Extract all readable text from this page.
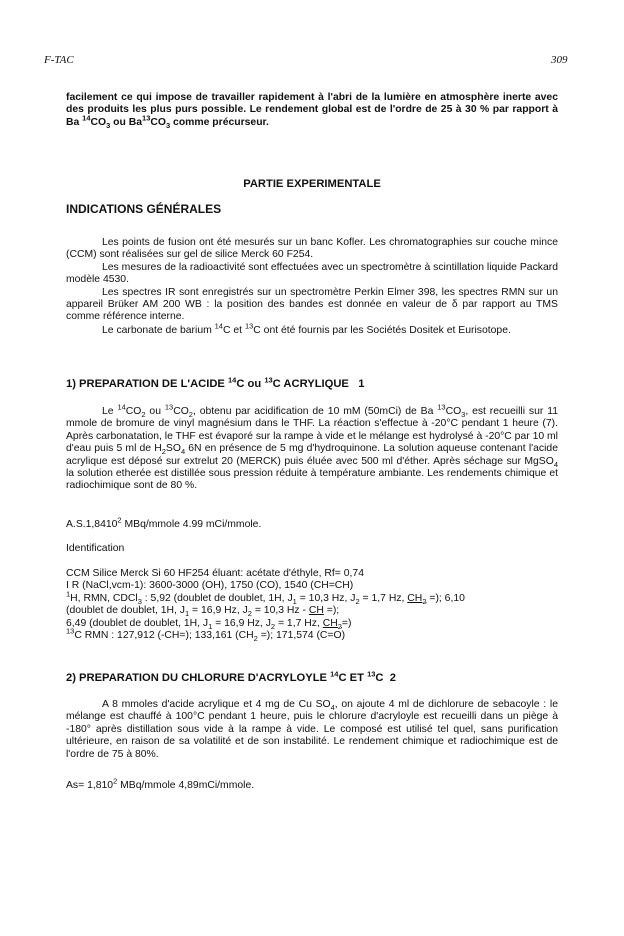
F-TAC	309
facilement ce qui impose de travailler rapidement à l'abri de la lumière en atmosphère inerte avec des produits les plus purs possible. Le rendement global est de l'ordre de 25 à 30 % par rapport à Ba $^{14}CO_3$ ou $Ba^{13}CO_3$ comme précurseur.
PARTIE EXPERIMENTALE
INDICATIONS GÉNÉRALES
Les points de fusion ont été mesurés sur un banc Kofler. Les chromatographies sur couche mince (CCM) sont réalisées sur gel de silice Merck 60 F254.
Les mesures de la radioactivité sont effectuées avec un spectromètre à scintillation liquide Packard modèle 4530.
Les spectres IR sont enregistrés sur un spectromètre Perkin Elmer 398, les spectres RMN sur un appareil Brüker AM 200 WB : la position des bandes est donnée en valeur de δ par rapport au TMS comme référence interne.
Le carbonate de barium $^{14}$C et $^{13}$C ont été fournis par les Sociétés Dositek et Eurisotope.
1) PREPARATION DE L'ACIDE $^{14}$C ou $^{13}$C ACRYLIQUE   1
Le $^{14}CO_2$ ou $^{13}CO_2$, obtenu par acidification de 10 mM (50mCi) de Ba $^{13}CO_3$, est recueilli sur 11 mmole de bromure de vinyl magnésium dans le THF. La réaction s'effectue à -20°C pendant 1 heure (7). Après carbonatation, le THF est évaporé sur la rampe à vide et le mélange est hydrolysé à -20°C par 10 ml d'eau puis 5 ml de $H_2SO_4$ 6N en présence de 5 mg d'hydroquinone. La solution aqueuse contenant l'acide acrylique est déposé sur extrelut 20 (MERCK) puis éluée avec 500 ml d'éther. Après séchage sur MgSO$_4$ la solution etherée est distillée sous pression réduite à température ambiante. Les rendements chimique et radiochimique sont de 80 %.
A.S.1,8410$^2$ MBq/mmole 4.99 mCi/mmole.
Identification
CCM Silice Merck Si 60 HF254 éluant: acétate d'éthyle, Rf= 0,74
I R (NaCl,vcm-1): 3600-3000 (OH), 1750 (CO), 1540 (CH=CH)
$^1$H, RMN, CDCl$_3$ : 5,92 (doublet de doublet, 1H, $J_1 = 10,3$ Hz, $J_2 = 1,7$ Hz, $CH_2$ =); 6,10
(doublet de doublet, 1H, $J_1 = 16,9$ Hz, $J_2 = 10,3$ Hz - CH =);
6,49 (doublet de doublet, 1H, $J_1 = 16,9$ Hz, $J_2 = 1,7$ Hz, $CH_2=$)
$^{13}$C RMN : 127,912 (-CH=); 133,161 ($CH_2$ =); 171,574 (C=O)
2) PREPARATION DU CHLORURE D'ACRYLOYLE $^{14}$C ET $^{13}$C  2
A 8 mmoles d'acide acrylique et 4 mg de Cu $SO_4$, on ajoute 4 ml de dichlorure de sebacoyle : le mélange est chauffé à 100°C pendant 1 heure, puis le chlorure d'acryloyle est recueilli dans un piège à -180° après distillation sous vide à la rampe à vide. Le composé est utilisé tel quel, sans purification ultérieure, en raison de sa volatilité et de son instabilité. Le rendement chimique et radiochimique est de l'ordre de 75 à 80%.
$As= 1,810^2$ MBq/mmole 4,89mCi/mmole.
